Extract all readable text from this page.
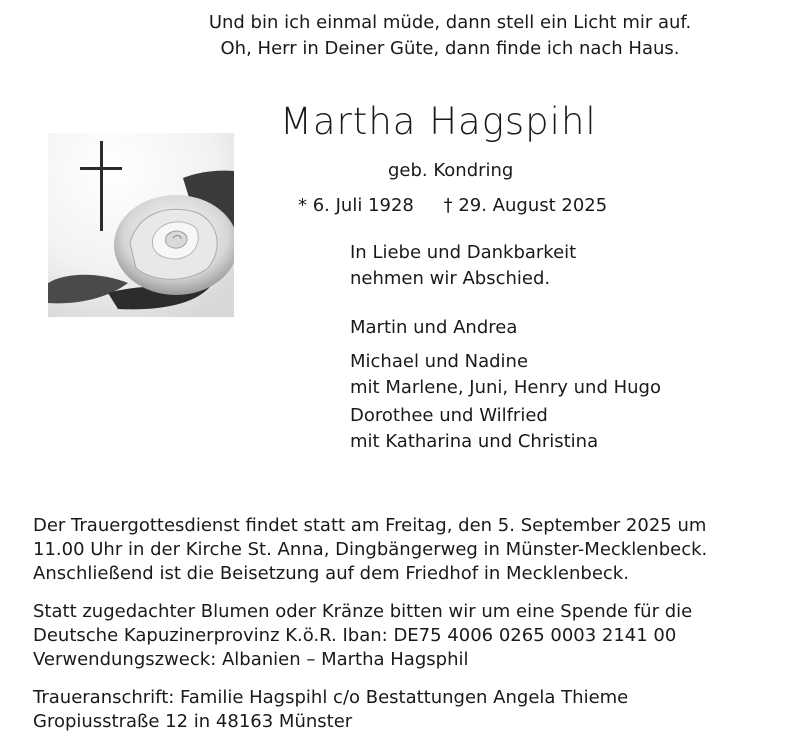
Und bin ich einmal müde, dann stell ein Licht mir auf.
Oh, Herr in Deiner Güte, dann finde ich nach Haus.
Martha Hagspihl
geb. Kondring
* 6. Juli 1928 † 29. August 2025
In Liebe und Dankbarkeit
nehmen wir Abschied.
Martin und Andrea
Michael und Nadine
mit Marlene, Juni, Henry und Hugo
Dorothee und Wilfried
mit Katharina und Christina

Der Trauergottesdienst findet statt am Freitag, den 5. September 2025 um
11.00 Uhr in der Kirche St. Anna, Dingbängerweg in Münster-Mecklenbeck.
Anschließend ist die Beisetzung auf dem Friedhof in Mecklenbeck.

Statt zugedachter Blumen oder Kränze bitten wir um eine Spende für die
Deutsche Kapuzinerprovinz K.ö.R. Iban: DE75 4006 0265 0003 2141 00
Verwendungszweck: Albanien – Martha Hagsphil

Traueranschrift: Familie Hagspihl c/o Bestattungen Angela Thieme
Gropiusstraße 12 in 48163 Münster
